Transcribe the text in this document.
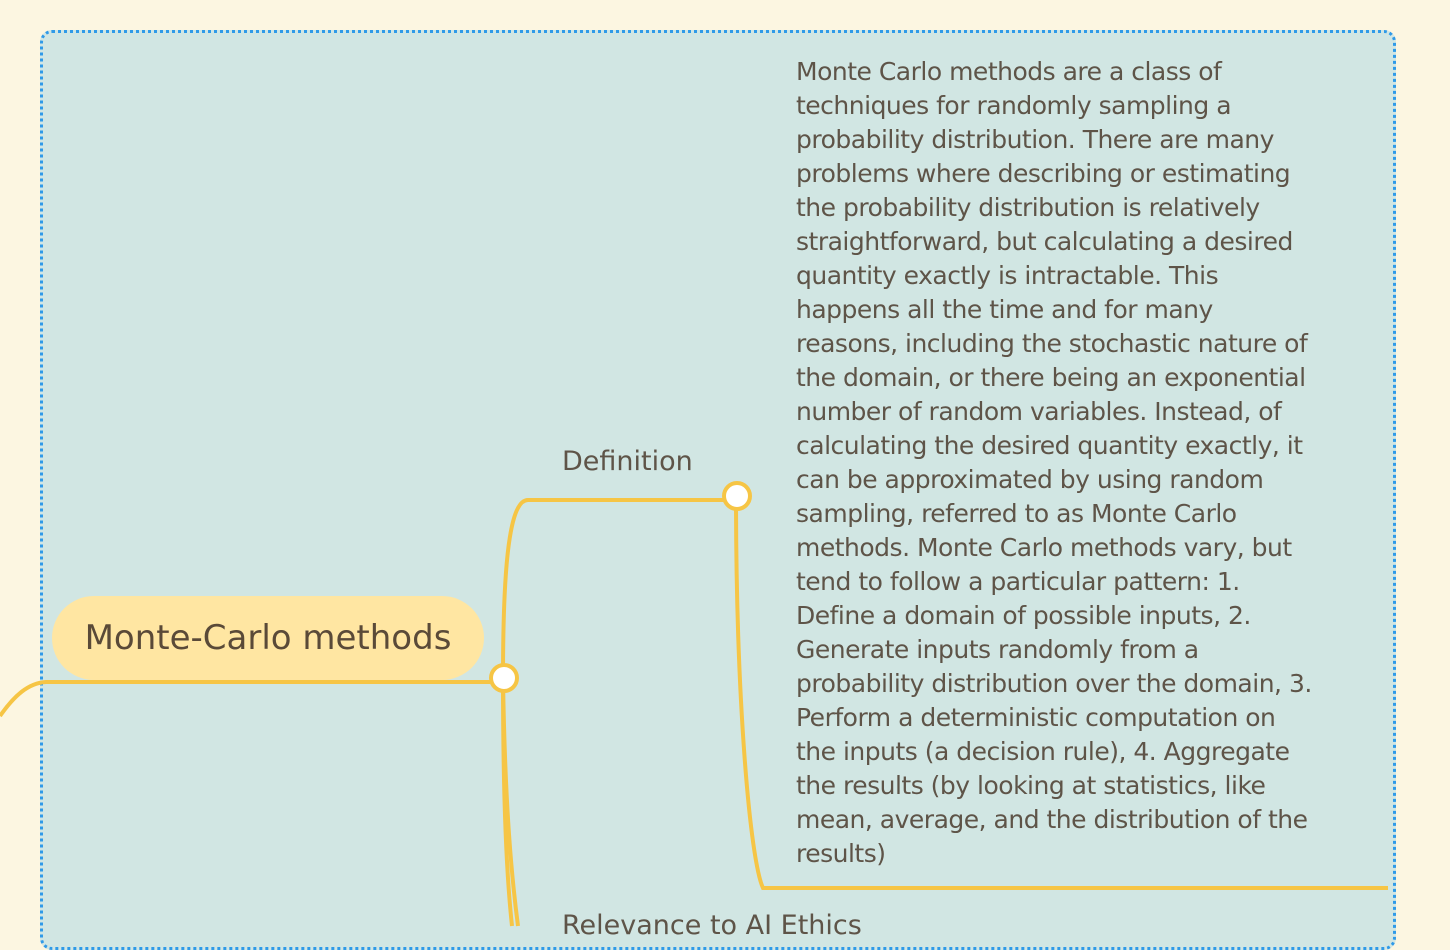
Monte-Carlo methods
Definition
Relevance to AI Ethics

Monte Carlo methods are a class of
techniques for randomly sampling a
probability distribution. There are many
problems where describing or estimating
the probability distribution is relatively
straightforward, but calculating a desired
quantity exactly is intractable. This
happens all the time and for many
reasons, including the stochastic nature of
the domain, or there being an exponential
number of random variables. Instead, of
calculating the desired quantity exactly, it
can be approximated by using random
sampling, referred to as Monte Carlo
methods. Monte Carlo methods vary, but
tend to follow a particular pattern: 1.
Define a domain of possible inputs, 2.
Generate inputs randomly from a
probability distribution over the domain, 3.
Perform a deterministic computation on
the inputs (a decision rule), 4. Aggregate
the results (by looking at statistics, like
mean, average, and the distribution of the
results)
